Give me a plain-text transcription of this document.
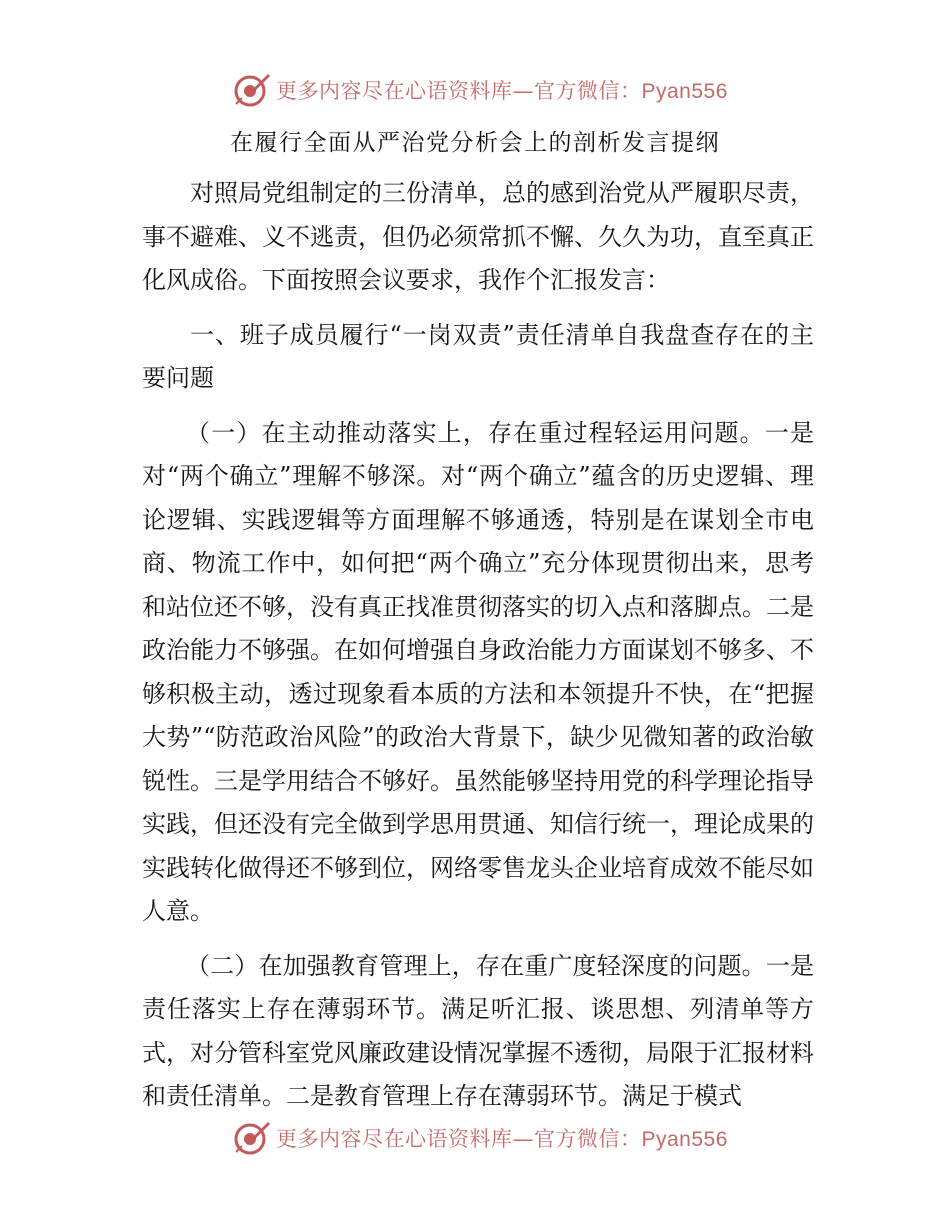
更多内容尽在心语资料库—官方微信：Pyan556
在履行全面从严治党分析会上的剖析发言提纲

对照局党组制定的三份清单，总的感到治党从严履职尽责，事不避难、义不逃责，但仍必须常抓不懈、久久为功，直至真正化风成俗。下面按照会议要求，我作个汇报发言：

一、班子成员履行“一岗双责”责任清单自我盘查存在的主要问题

（一）在主动推动落实上，存在重过程轻运用问题。一是对“两个确立”理解不够深。对“两个确立”蕴含的历史逻辑、理论逻辑、实践逻辑等方面理解不够通透，特别是在谋划全市电商、物流工作中，如何把“两个确立”充分体现贯彻出来，思考和站位还不够，没有真正找准贯彻落实的切入点和落脚点。二是政治能力不够强。在如何增强自身政治能力方面谋划不够多、不够积极主动，透过现象看本质的方法和本领提升不快，在“把握大势”“防范政治风险”的政治大背景下，缺少见微知著的政治敏锐性。三是学用结合不够好。虽然能够坚持用党的科学理论指导实践，但还没有完全做到学思用贯通、知信行统一，理论成果的实践转化做得还不够到位，网络零售龙头企业培育成效不能尽如人意。

（二）在加强教育管理上，存在重广度轻深度的问题。一是责任落实上存在薄弱环节。满足听汇报、谈思想、列清单等方式，对分管科室党风廉政建设情况掌握不透彻，局限于汇报材料和责任清单。二是教育管理上存在薄弱环节。满足于模式

更多内容尽在心语资料库—官方微信：Pyan556
